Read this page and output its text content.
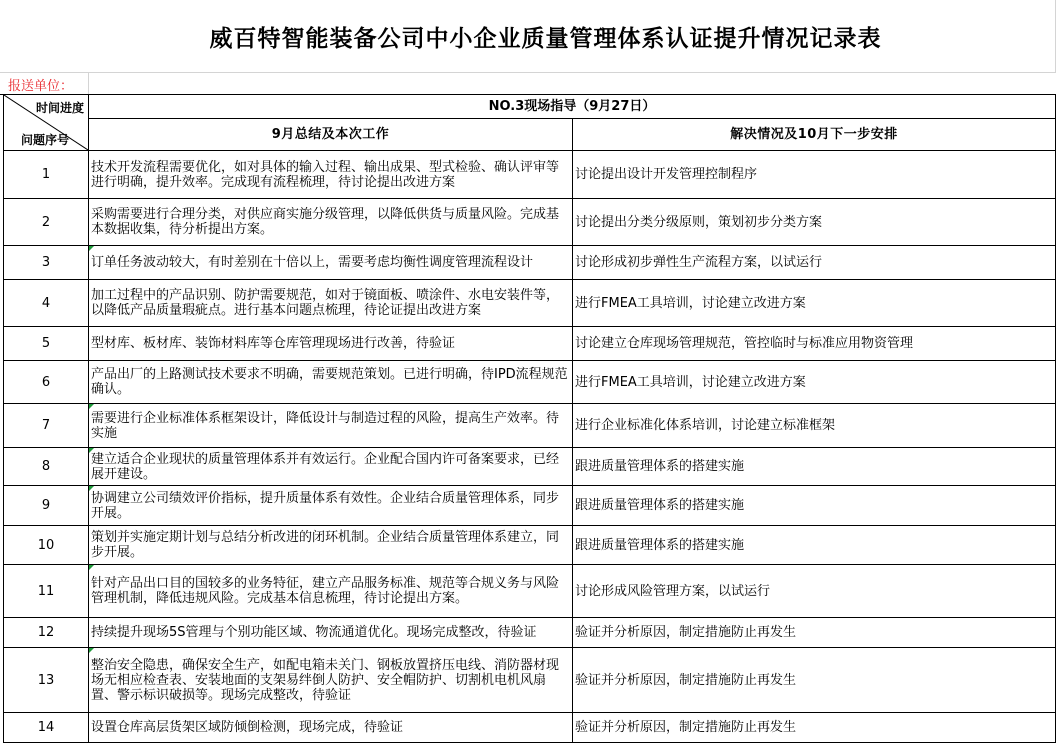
威百特智能装备公司中小企业质量管理体系认证提升情况记录表
报送单位：
时间进度
问题序号	NO.3现场指导（9月27日）	
	9月总结及本次工作	解决情况及10月下一步安排
1	技术开发流程需要优化，如对具体的输入过程、输出成果、型式检验、确认评审等进行明确，提升效率。完成现有流程梳理，待讨论提出改进方案	讨论提出设计开发管理控制程序
2	采购需要进行合理分类，对供应商实施分级管理，以降低供货与质量风险。完成基本数据收集，待分析提出方案。	讨论提出分类分级原则，策划初步分类方案
3	订单任务波动较大，有时差别在十倍以上，需要考虑均衡性调度管理流程设计	讨论形成初步弹性生产流程方案，以试运行
4	加工过程中的产品识别、防护需要规范，如对于镜面板、喷涂件、水电安装件等，以降低产品质量瑕疵点。进行基本问题点梳理，待论证提出改进方案	进行FMEA工具培训，讨论建立改进方案
5	型材库、板材库、装饰材料库等仓库管理现场进行改善，待验证	讨论建立仓库现场管理规范，管控临时与标准应用物资管理
6	产品出厂的上路测试技术要求不明确，需要规范策划。已进行明确，待IPD流程规范确认。	进行FMEA工具培训，讨论建立改进方案
7	需要进行企业标准体系框架设计，降低设计与制造过程的风险，提高生产效率。待实施	进行企业标准化体系培训，讨论建立标准框架
8	建立适合企业现状的质量管理体系并有效运行。企业配合国内许可备案要求，已经展开建设。	跟进质量管理体系的搭建实施
9	协调建立公司绩效评价指标，提升质量体系有效性。企业结合质量管理体系，同步开展。	跟进质量管理体系的搭建实施
10	策划并实施定期计划与总结分析改进的闭环机制。企业结合质量管理体系建立，同步开展。	跟进质量管理体系的搭建实施
11	针对产品出口目的国较多的业务特征，建立产品服务标准、规范等合规义务与风险管理机制，降低违规风险。完成基本信息梳理，待讨论提出方案。	讨论形成风险管理方案，以试运行
12	持续提升现场5S管理与个别功能区域、物流通道优化。现场完成整改，待验证	验证并分析原因，制定措施防止再发生
13	整治安全隐患，确保安全生产，如配电箱未关门、钢板放置挤压电线、消防器材现场无相应检查表、安装地面的支架易绊倒人防护、安全帽防护、切割机电机风扇置、警示标识破损等。现场完成整改，待验证	验证并分析原因，制定措施防止再发生
14	设置仓库高层货架区域防倾倒检测，现场完成，待验证	验证并分析原因，制定措施防止再发生
